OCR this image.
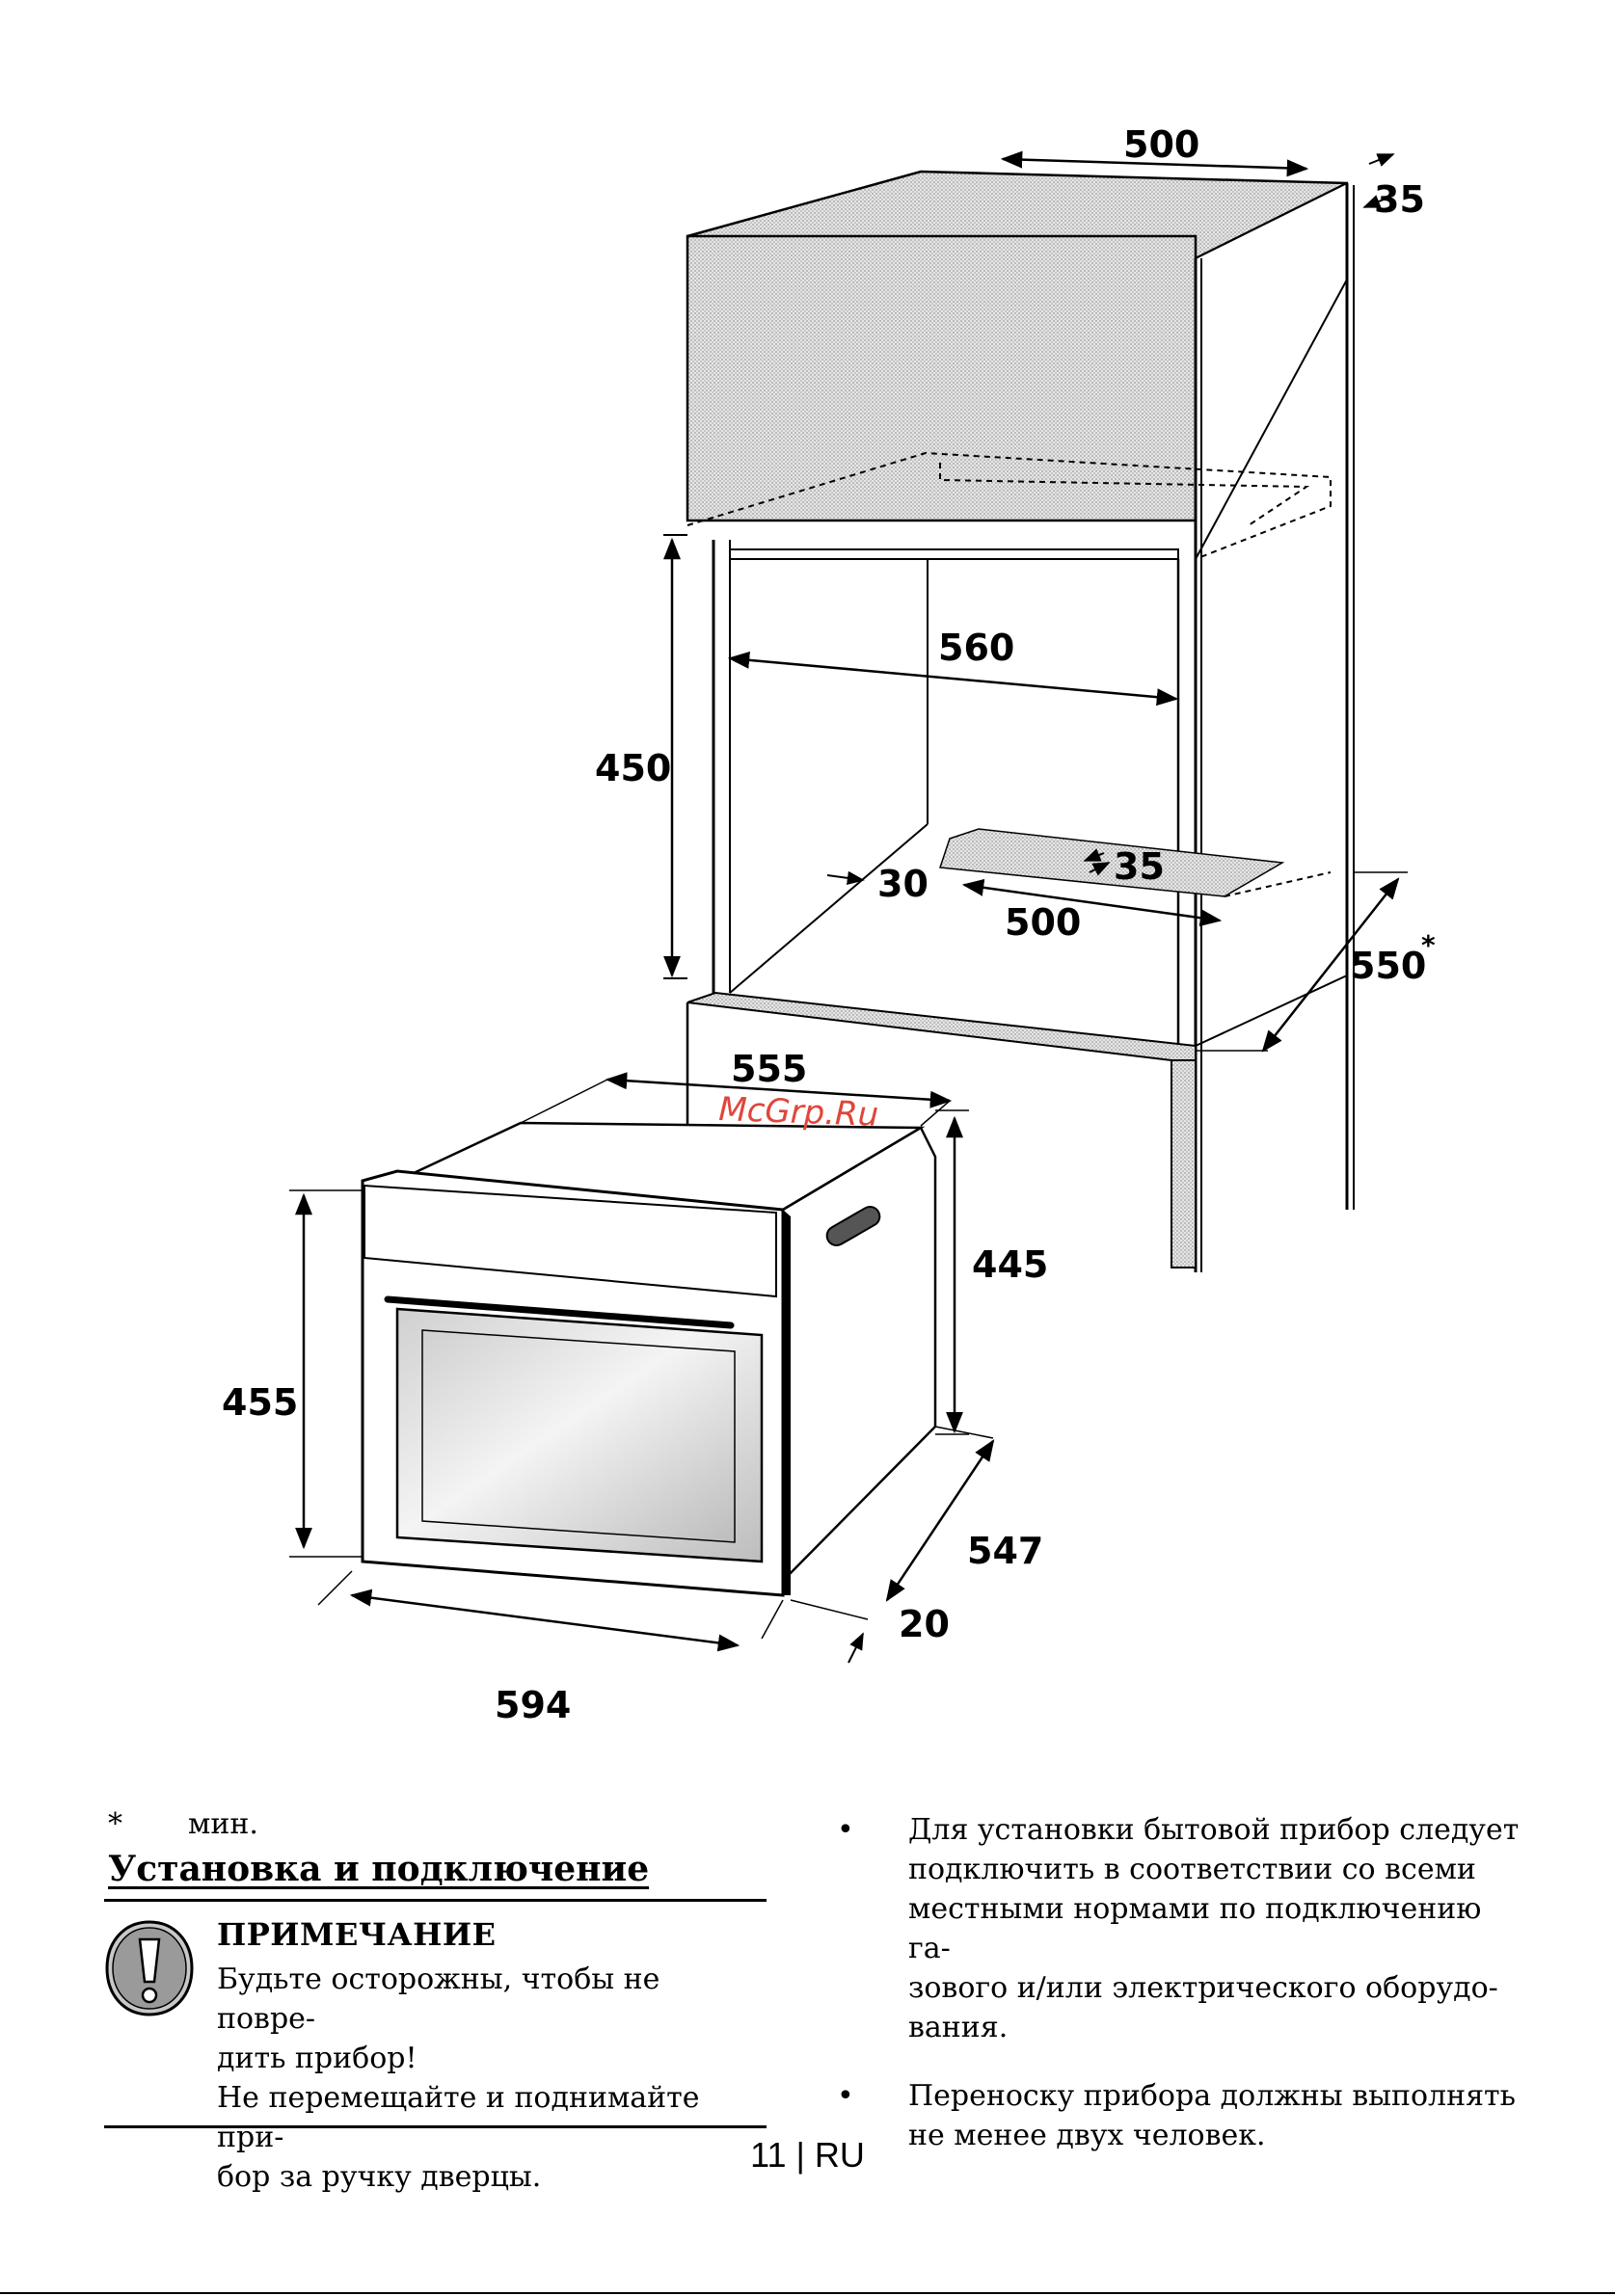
500
35
560
450
35
30
500
550
*
555
445
455
547
20
594
McGrp.Ru
* мин.
Установка и подключение
ПРИМЕЧАНИЕ
Будьте осторожны, чтобы не повре-
дить прибор!
Не перемещайте и поднимайте при-
бор за ручку дверцы.
• Для установки бытовой прибор следует
подключить в соответствии со всеми
местными нормами по подключению га-
зового и/или электрического оборудо-
вания.
• Переноску прибора должны выполнять
не менее двух человек.
11 | RU
